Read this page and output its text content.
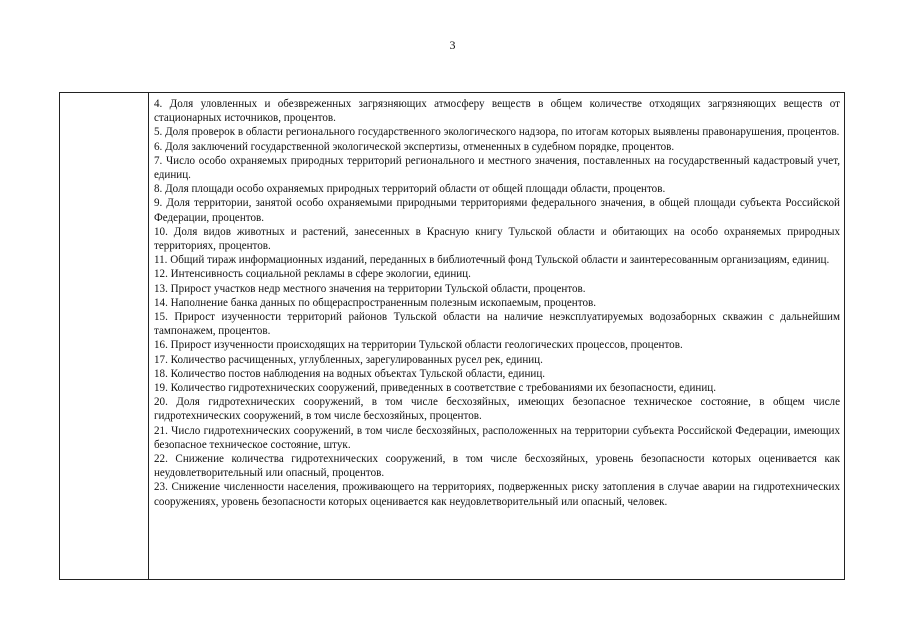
3

4. Доля уловленных и обезвреженных загрязняющих атмосферу веществ в общем количестве отходящих загрязняющих веществ от стационарных источников, процентов.

5. Доля проверок в области регионального государственного экологического надзора, по итогам которых выявлены правонарушения, процентов.

6. Доля заключений государственной экологической экспертизы, отмененных в судебном порядке, процентов.

7. Число особо охраняемых природных территорий регионального и местного значения, поставленных на государственный кадастровый учет, единиц.

8. Доля площади особо охраняемых природных территорий области от общей площади области, процентов.

9. Доля территории, занятой особо охраняемыми природными территориями федерального значения, в общей площади субъекта Российской Федерации, процентов.

10. Доля видов животных и растений, занесенных в Красную книгу Тульской области и обитающих на особо охраняемых природных территориях, процентов.

11. Общий тираж информационных изданий, переданных в библиотечный фонд Тульской области и заинтересованным организациям, единиц.

12. Интенсивность социальной рекламы в сфере экологии, единиц.

13. Прирост участков недр местного значения на территории Тульской области, процентов.

14. Наполнение банка данных по общераспространенным полезным ископаемым, процентов.

15. Прирост изученности территорий районов Тульской области на наличие неэксплуатируемых водозаборных скважин с дальнейшим тампонажем, процентов.

16. Прирост изученности происходящих на территории Тульской области геологических процессов, процентов.

17. Количество расчищенных, углубленных, зарегулированных русел рек, единиц.

18. Количество постов наблюдения на водных объектах Тульской области, единиц.

19. Количество гидротехнических сооружений, приведенных в соответствие с требованиями их безопасности, единиц.

20. Доля гидротехнических сооружений, в том числе бесхозяйных, имеющих безопасное техническое состояние, в общем числе гидротехнических сооружений, в том числе бесхозяйных, процентов.

21. Число гидротехнических сооружений, в том числе бесхозяйных, расположенных на территории субъекта Российской Федерации, имеющих безопасное техническое состояние, штук.

22. Снижение количества гидротехнических сооружений, в том числе бесхозяйных, уровень безопасности которых оценивается как неудовлетворительный или опасный, процентов.

23. Снижение численности населения, проживающего на территориях, подверженных риску затопления в случае аварии на гидротехнических сооружениях, уровень безопасности которых оценивается как неудовлетворительный или опасный, человек.
